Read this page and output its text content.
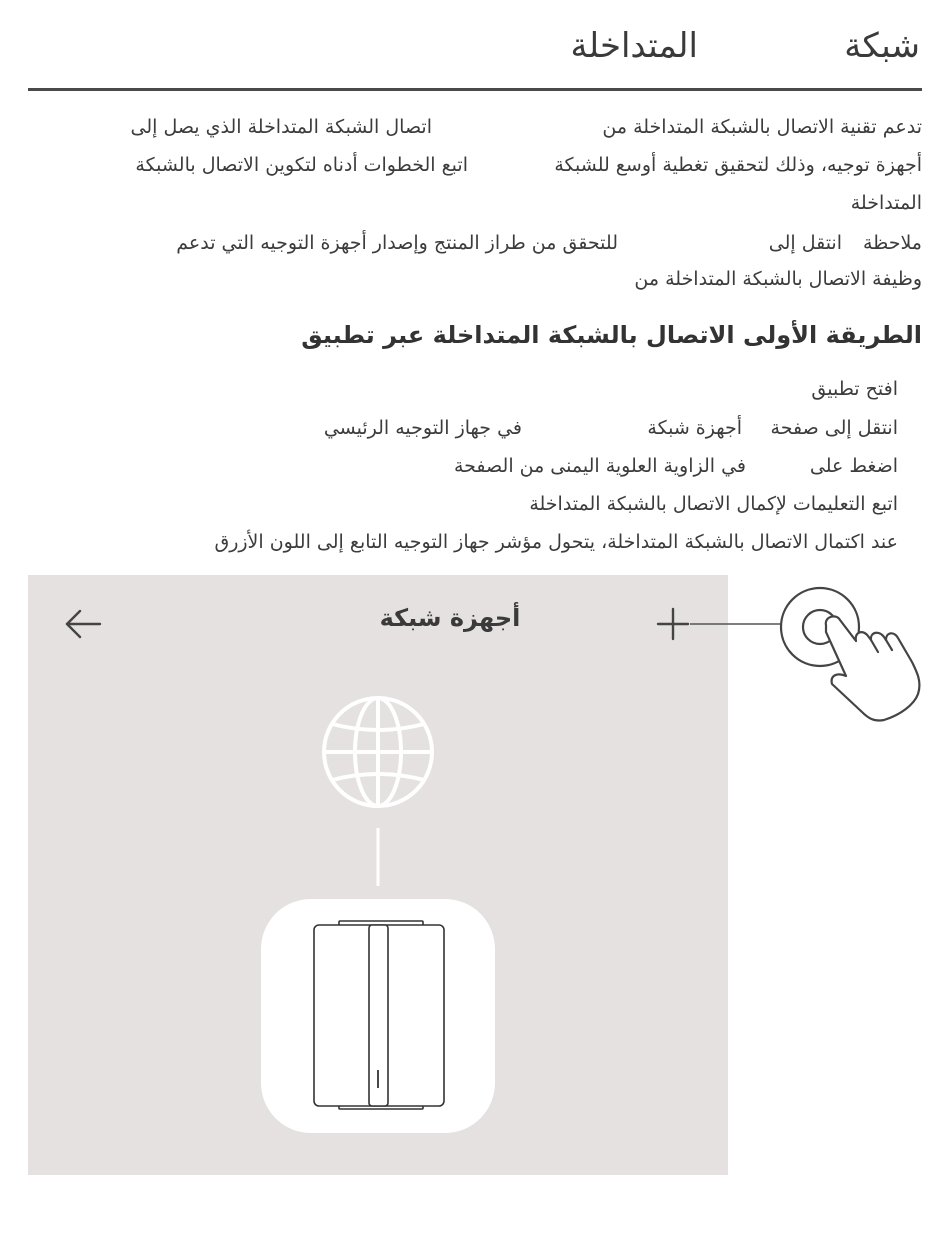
شبكة
المتداخلة
تدعم تقنية الاتصال بالشبكة المتداخلة من
اتصال الشبكة المتداخلة الذي يصل إلى
أجهزة توجيه، وذلك لتحقيق تغطية أوسع للشبكة
اتبع الخطوات أدناه لتكوين الاتصال بالشبكة
المتداخلة
ملاحظة
انتقل إلى
للتحقق من طراز المنتج وإصدار أجهزة التوجيه التي تدعم
وظيفة الاتصال بالشبكة المتداخلة من
الطريقة الأولى الاتصال بالشبكة المتداخلة عبر تطبيق
افتح تطبيق
انتقل إلى صفحة
أجهزة شبكة
في جهاز التوجيه الرئيسي
اضغط على
في الزاوية العلوية اليمنى من الصفحة
اتبع التعليمات لإكمال الاتصال بالشبكة المتداخلة
عند اكتمال الاتصال بالشبكة المتداخلة، يتحول مؤشر جهاز التوجيه التابع إلى اللون الأزرق
أجهزة شبكة
